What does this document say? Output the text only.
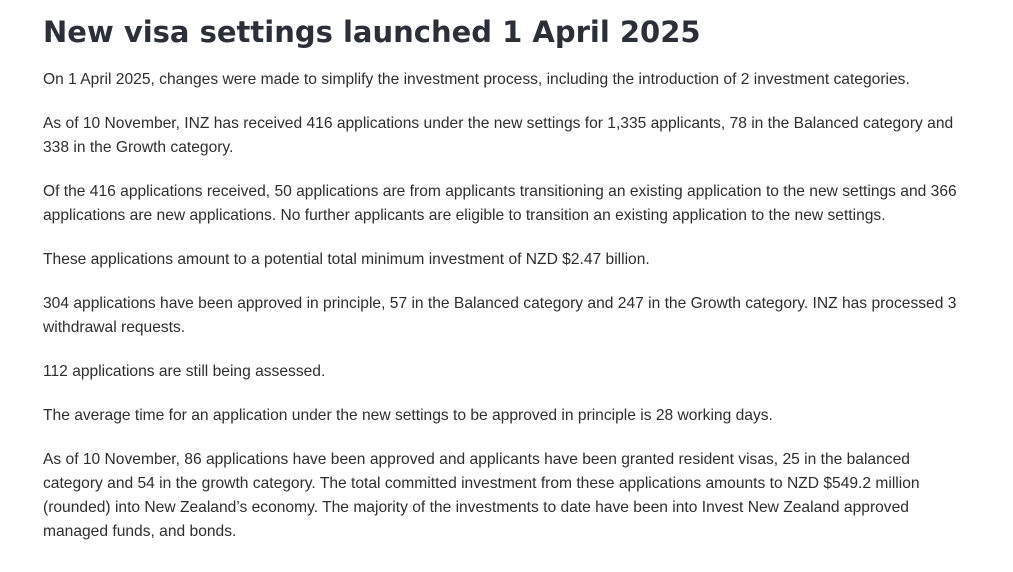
New visa settings launched 1 April 2025

On 1 April 2025, changes were made to simplify the investment process, including the introduction of 2 investment categories.

As of 10 November, INZ has received 416 applications under the new settings for 1,335 applicants, 78 in the Balanced category and 338 in the Growth category.

Of the 416 applications received, 50 applications are from applicants transitioning an existing application to the new settings and 366 applications are new applications. No further applicants are eligible to transition an existing application to the new settings.

These applications amount to a potential total minimum investment of NZD $2.47 billion.

304 applications have been approved in principle, 57 in the Balanced category and 247 in the Growth category. INZ has processed 3 withdrawal requests.

112 applications are still being assessed.

The average time for an application under the new settings to be approved in principle is 28 working days.

As of 10 November, 86 applications have been approved and applicants have been granted resident visas, 25 in the balanced category and 54 in the growth category. The total committed investment from these applications amounts to NZD $549.2 million (rounded) into New Zealand’s economy. The majority of the investments to date have been into Invest New Zealand approved managed funds, and bonds.
